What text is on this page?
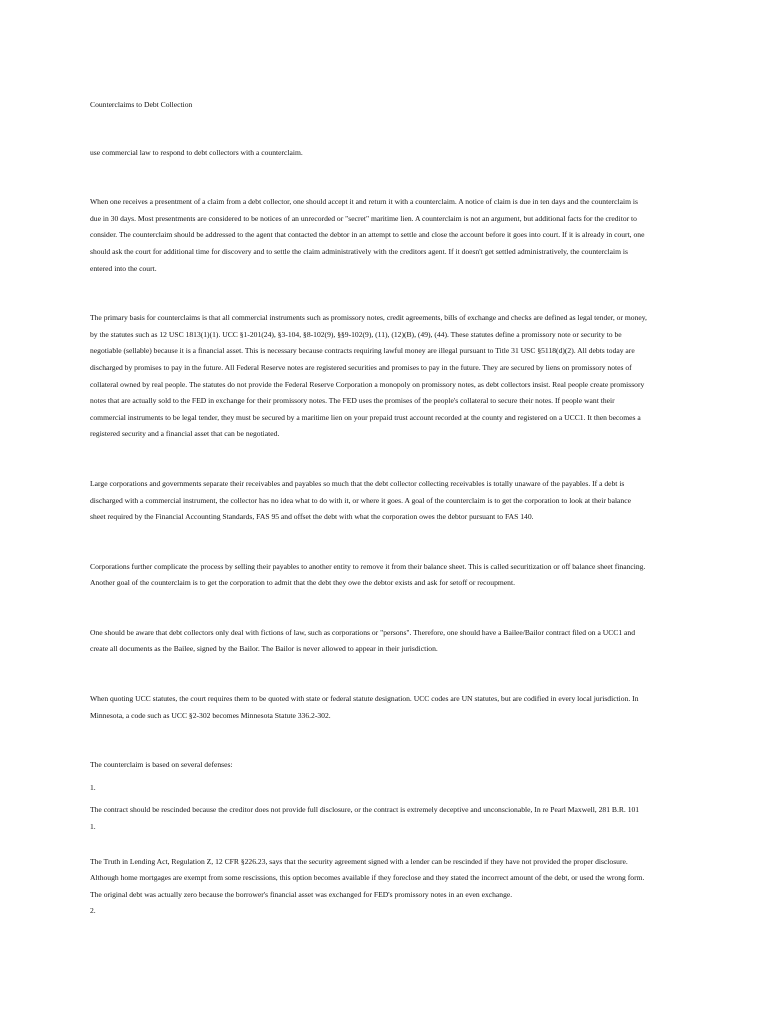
Counterclaims to Debt Collection
use commercial law to respond to debt collectors with a counterclaim.
When one receives a presentment of a claim from a debt collector, one should accept it and return it with a counterclaim. A notice of claim is due in ten days and the counterclaim is
due in 30 days. Most presentments are considered to be notices of an unrecorded or "secret" maritime lien. A counterclaim is not an argument, but additional facts for the creditor to
consider. The counterclaim should be addressed to the agent that contacted the debtor in an attempt to settle and close the account before it goes into court. If it is already in court, one
should ask the court for additional time for discovery and to settle the claim administratively with the creditors agent. If it doesn't get settled administratively, the counterclaim is
entered into the court.
The primary basis for counterclaims is that all commercial instruments such as promissory notes, credit agreements, bills of exchange and checks are defined as legal tender, or money,
by the statutes such as 12 USC 1813(1)(1). UCC §1-201(24), §3-104, §8-102(9), §§9-102(9), (11), (12)(B), (49), (44). These statutes define a promissory note or security to be
negotiable (sellable) because it is a financial asset. This is necessary because contracts requiring lawful money are illegal pursuant to Title 31 USC §5118(d)(2). All debts today are
discharged by promises to pay in the future. All Federal Reserve notes are registered securities and promises to pay in the future. They are secured by liens on promissory notes of
collateral owned by real people. The statutes do not provide the Federal Reserve Corporation a monopoly on promissory notes, as debt collectors insist. Real people create promissory
notes that are actually sold to the FED in exchange for their promissory notes. The FED uses the promises of the people's collateral to secure their notes. If people want their
commercial instruments to be legal tender, they must be secured by a maritime lien on your prepaid trust account recorded at the county and registered on a UCC1. It then becomes a
registered security and a financial asset that can be negotiated.
Large corporations and governments separate their receivables and payables so much that the debt collector collecting receivables is totally unaware of the payables. If a debt is
discharged with a commercial instrument, the collector has no idea what to do with it, or where it goes. A goal of the counterclaim is to get the corporation to look at their balance
sheet required by the Financial Accounting Standards, FAS 95 and offset the debt with what the corporation owes the debtor pursuant to FAS 140.
Corporations further complicate the process by selling their payables to another entity to remove it from their balance sheet. This is called securitization or off balance sheet financing.
Another goal of the counterclaim is to get the corporation to admit that the debt they owe the debtor exists and ask for setoff or recoupment.
One should be aware that debt collectors only deal with fictions of law, such as corporations or "persons". Therefore, one should have a Bailee/Bailor contract filed on a UCC1 and
create all documents as the Bailee, signed by the Bailor. The Bailor is never allowed to appear in their jurisdiction.
When quoting UCC statutes, the court requires them to be quoted with state or federal statute designation. UCC codes are UN statutes, but are codified in every local jurisdiction. In
Minnesota, a code such as UCC §2-302 becomes Minnesota Statute 336.2-302.
The counterclaim is based on several defenses:
1.
The contract should be rescinded because the creditor does not provide full disclosure, or the contract is extremely deceptive and unconscionable, In re Pearl Maxwell, 281 B.R. 101
1.
The Truth in Lending Act, Regulation Z, 12 CFR §226.23, says that the security agreement signed with a lender can be rescinded if they have not provided the proper disclosure.
Although home mortgages are exempt from some rescissions, this option becomes available if they foreclose and they stated the incorrect amount of the debt, or used the wrong form.
The original debt was actually zero because the borrower's financial asset was exchanged for FED's promissory notes in an even exchange.
2.
